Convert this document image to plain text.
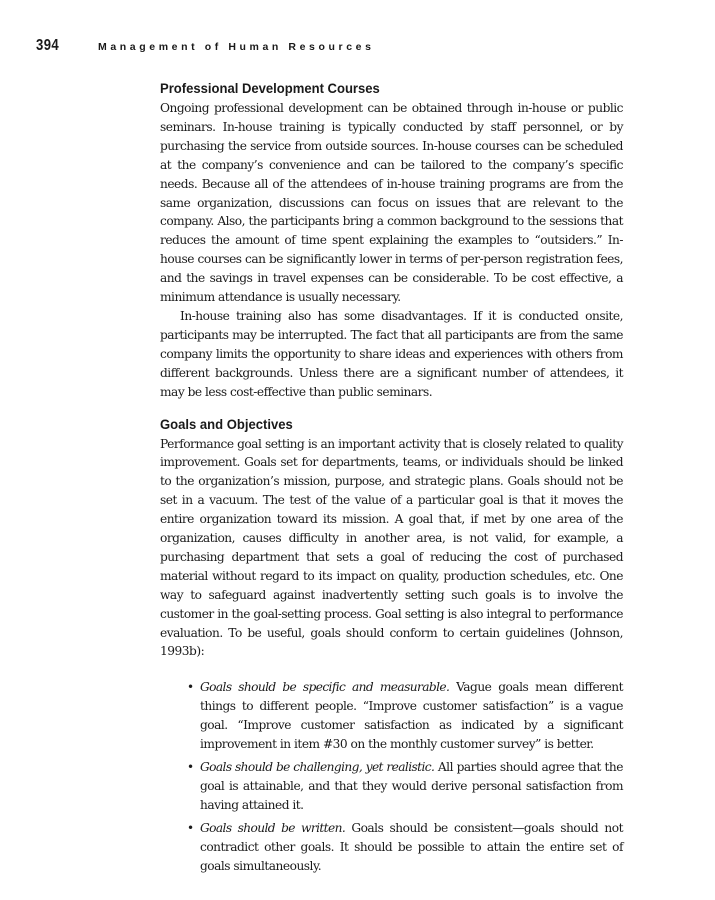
394	Management of Human Resources
Professional Development Courses

Ongoing professional development can be obtained through in-house or public seminars. In-house training is typically conducted by staff personnel, or by purchasing the service from outside sources. In-house courses can be scheduled at the company’s convenience and can be tailored to the company’s specific needs. Because all of the attendees of in-house training programs are from the same organization, discussions can focus on issues that are relevant to the company. Also, the participants bring a common background to the sessions that reduces the amount of time spent explaining the examples to “outsiders.” In-house courses can be significantly lower in terms of per-person registration fees, and the savings in travel expenses can be considerable. To be cost effective, a minimum attendance is usually necessary.

In-house training also has some disadvantages. If it is conducted onsite, participants may be interrupted. The fact that all participants are from the same company limits the opportunity to share ideas and experiences with others from different backgrounds. Unless there are a significant number of attendees, it may be less cost-effective than public seminars.

Goals and Objectives

Performance goal setting is an important activity that is closely related to quality improvement. Goals set for departments, teams, or individuals should be linked to the organization’s mission, purpose, and strategic plans. Goals should not be set in a vacuum. The test of the value of a particular goal is that it moves the entire organization toward its mission. A goal that, if met by one area of the organization, causes difficulty in another area, is not valid, for example, a purchasing department that sets a goal of reducing the cost of purchased material without regard to its impact on quality, production schedules, etc. One way to safeguard against inadvertently setting such goals is to involve the customer in the goal-setting process. Goal setting is also integral to performance evaluation. To be useful, goals should conform to certain guidelines (Johnson, 1993b):

• Goals should be specific and measurable. Vague goals mean different things to different people. “Improve customer satisfaction” is a vague goal. “Improve customer satisfaction as indicated by a significant improvement in item #30 on the monthly customer survey” is better.
• Goals should be challenging, yet realistic. All parties should agree that the goal is attainable, and that they would derive personal satisfaction from having attained it.
• Goals should be written. Goals should be consistent—goals should not contradict other goals. It should be possible to attain the entire set of goals simultaneously.
